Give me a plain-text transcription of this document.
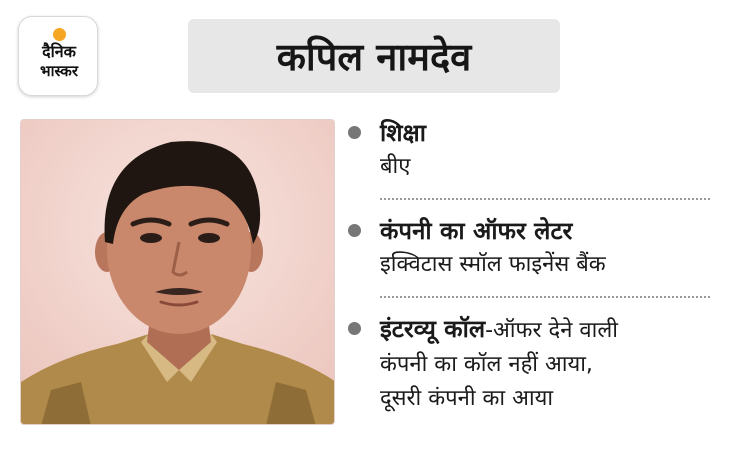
दैनिक
भास्कर	कपिल नामदेव
शिक्षा
बीए
कंपनी का ऑफर लेटर
इक्विटास स्मॉल फाइनेंस बैंक
इंटरव्यू कॉल-ऑफर देने वाली
कंपनी का कॉल नहीं आया,
दूसरी कंपनी का आया
